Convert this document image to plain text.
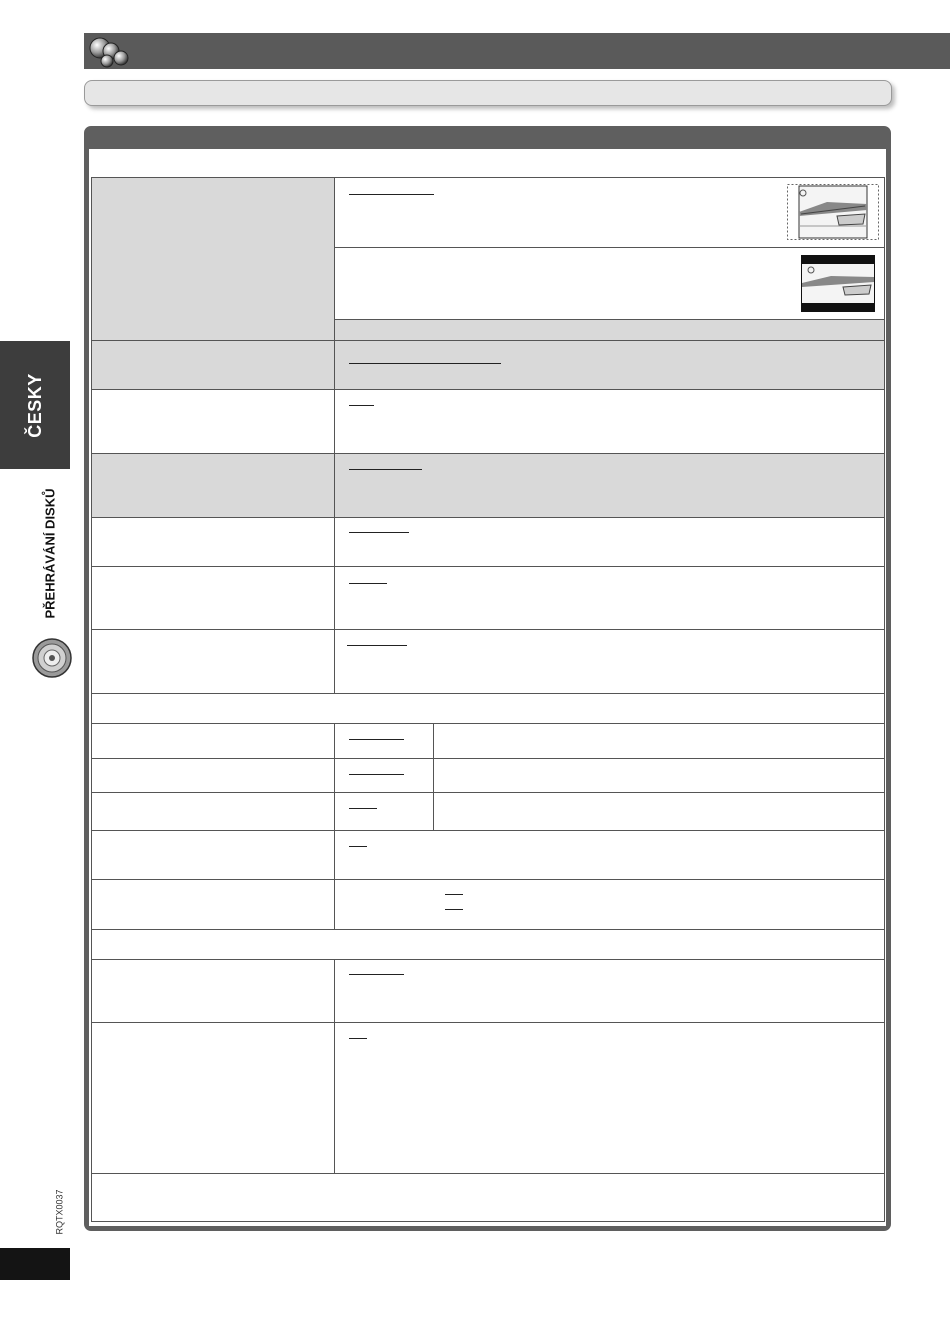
ČESKY
PŘEHRÁVÁNÍ DISKŮ
RQTX0037
